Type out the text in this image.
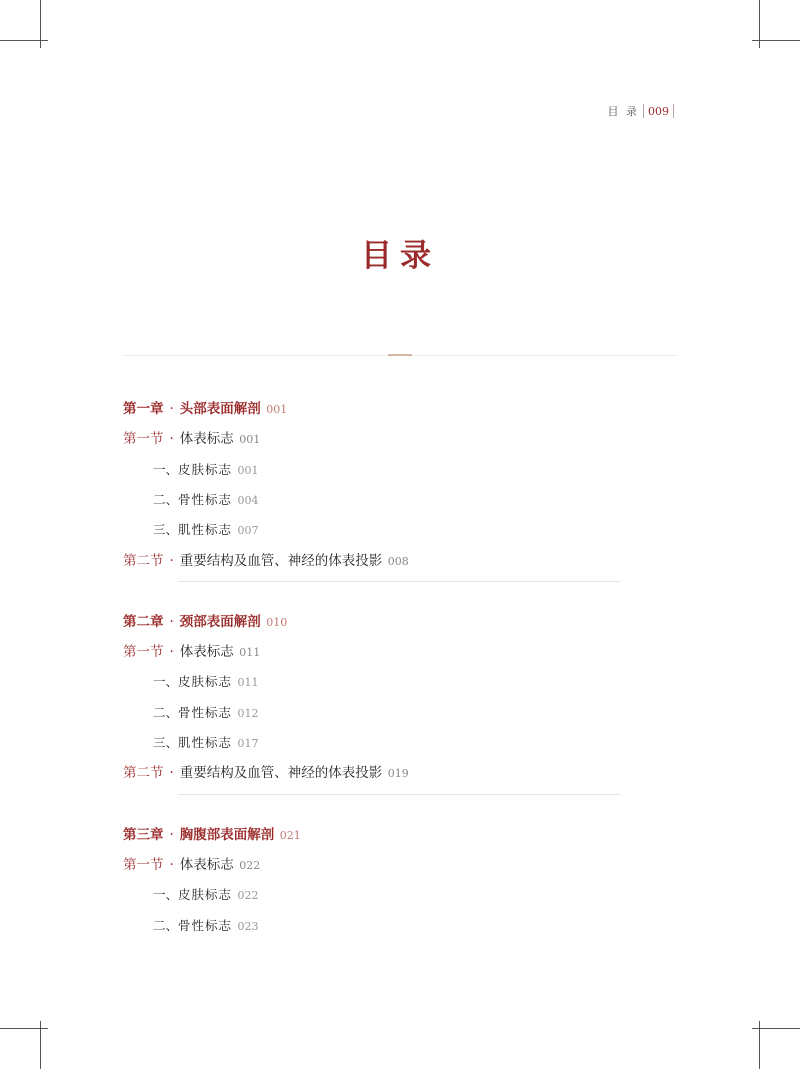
目 录 009
目录
第一章 · 头部表面解剖 001
第一节 · 体表标志 001
一、皮肤标志 001
二、骨性标志 004
三、肌性标志 007
第二节 · 重要结构及血管、神经的体表投影 008
第二章 · 颈部表面解剖 010
第一节 · 体表标志 011
一、皮肤标志 011
二、骨性标志 012
三、肌性标志 017
第二节 · 重要结构及血管、神经的体表投影 019
第三章 · 胸腹部表面解剖 021
第一节 · 体表标志 022
一、皮肤标志 022
二、骨性标志 023
